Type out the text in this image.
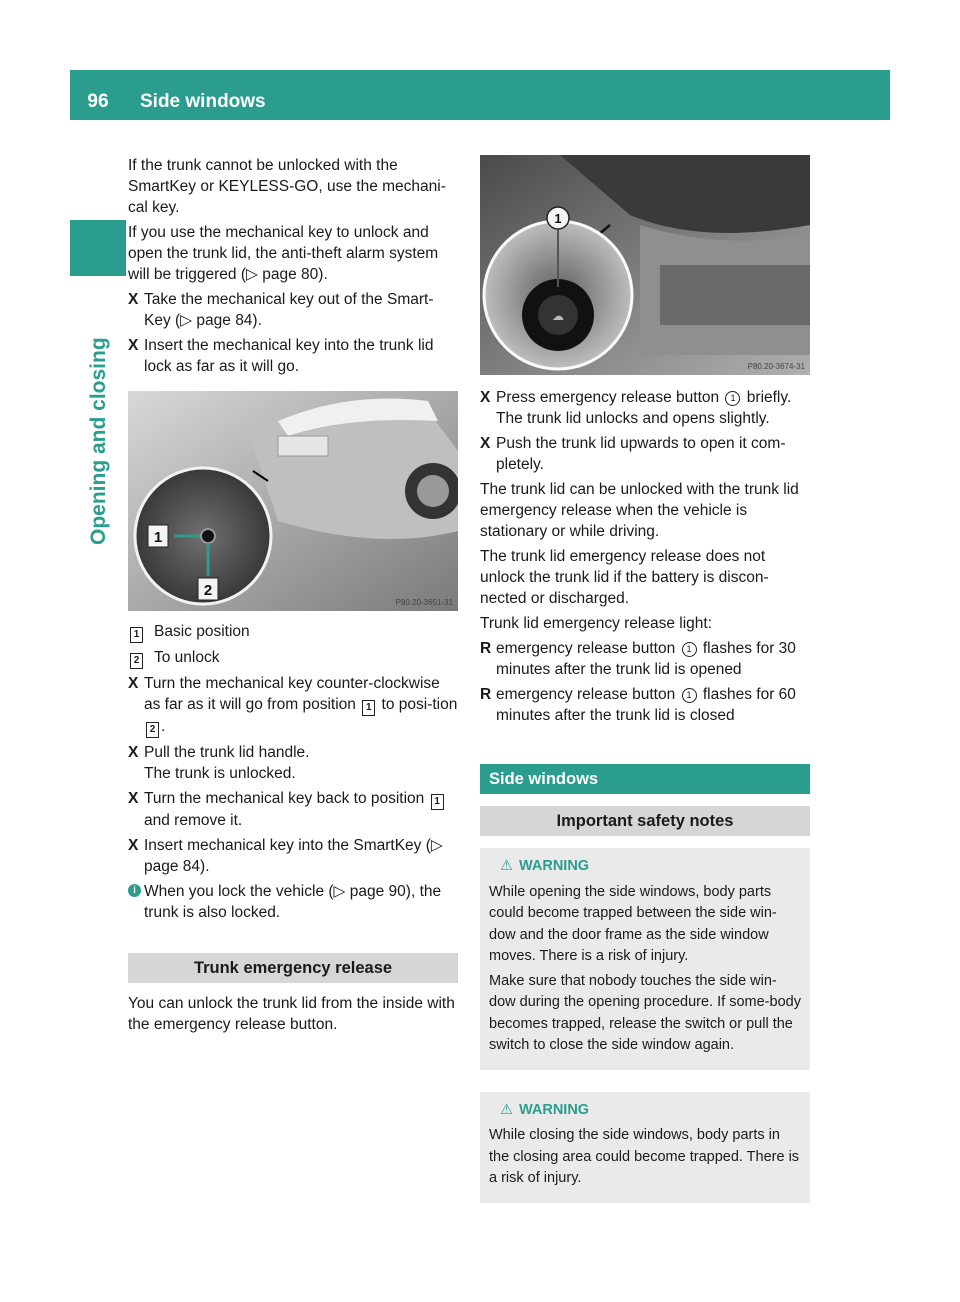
96	Side windows
Opening and closing

If the trunk cannot be unlocked with the SmartKey or KEYLESS-GO, use the mechani-cal key.

If you use the mechanical key to unlock and open the trunk lid, the anti-theft alarm system will be triggered (▷ page 80).

X Take the mechanical key out of the Smart-Key (▷ page 84).
X Insert the mechanical key into the trunk lid lock as far as it will go.
1
2
P80.20-3651-31
1 Basic position
2 To unlock
X Turn the mechanical key counter-clockwise as far as it will go from position 1 to posi-tion 2 .
X Pull the trunk lid handle.
The trunk is unlocked.
X Turn the mechanical key back to position 1 and remove it.
X Insert mechanical key into the SmartKey (▷ page 84).
i When you lock the vehicle (▷ page 90), the trunk is also locked.
Trunk emergency release

You can unlock the trunk lid from the inside with the emergency release button.

☁
1
P80.20-3674-31
X Press emergency release button 1 briefly.
The trunk lid unlocks and opens slightly.
X Push the trunk lid upwards to open it com-pletely.

The trunk lid can be unlocked with the trunk lid emergency release when the vehicle is stationary or while driving.

The trunk lid emergency release does not unlock the trunk lid if the battery is discon-nected or discharged.

Trunk lid emergency release light:

R emergency release button 1 flashes for 30 minutes after the trunk lid is opened
R emergency release button 1 flashes for 60 minutes after the trunk lid is closed
Side windows
Important safety notes
⚠ WARNING

While opening the side windows, body parts could become trapped between the side win-dow and the door frame as the side window moves. There is a risk of injury.

Make sure that nobody touches the side win-dow during the opening procedure. If some-body becomes trapped, release the switch or pull the switch to close the side window again.

⚠ WARNING

While closing the side windows, body parts in the closing area could become trapped. There is a risk of injury.
